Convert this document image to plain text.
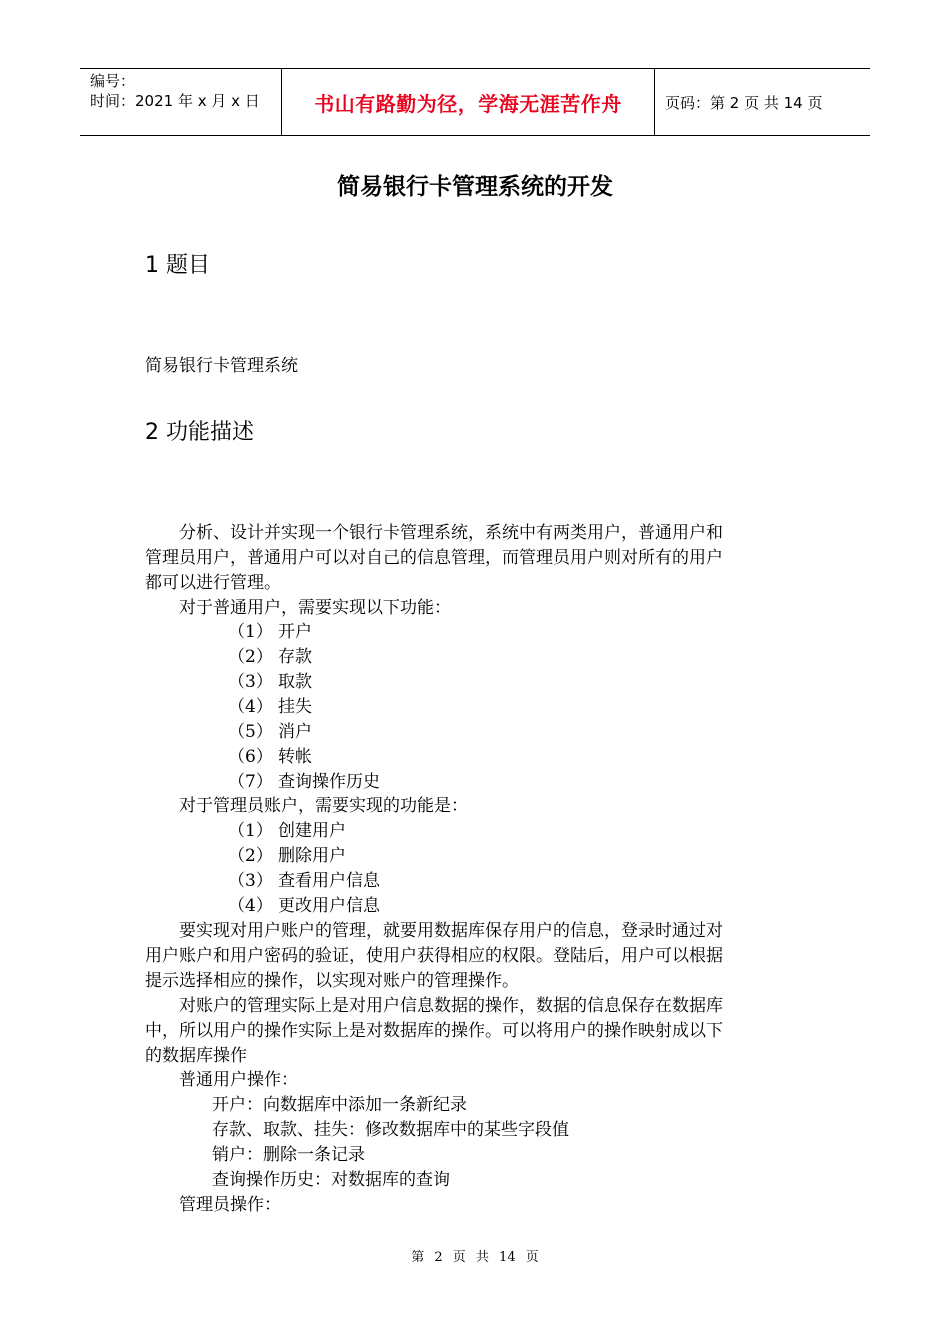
编号：
时间：2021 年 x 月 x 日	书山有路勤为径，学海无涯苦作舟	页码：第 2 页 共 14 页
简易银行卡管理系统的开发
1 题目
简易银行卡管理系统
2 功能描述
分析、设计并实现一个银行卡管理系统，系统中有两类用户，普通用户和
管理员用户，普通用户可以对自己的信息管理，而管理员用户则对所有的用户
都可以进行管理。
对于普通用户，需要实现以下功能：
（1） 开户
（2） 存款
（3） 取款
（4） 挂失
（5） 消户
（6） 转帐
（7） 查询操作历史
对于管理员账户，需要实现的功能是：
（1） 创建用户
（2） 删除用户
（3） 查看用户信息
（4） 更改用户信息
要实现对用户账户的管理，就要用数据库保存用户的信息，登录时通过对
用户账户和用户密码的验证，使用户获得相应的权限。登陆后，用户可以根据
提示选择相应的操作，以实现对账户的管理操作。
对账户的管理实际上是对用户信息数据的操作，数据的信息保存在数据库
中，所以用户的操作实际上是对数据库的操作。可以将用户的操作映射成以下
的数据库操作
普通用户操作：
开户：向数据库中添加一条新纪录
存款、取款、挂失：修改数据库中的某些字段值
销户：删除一条记录
查询操作历史：对数据库的查询
管理员操作：
第 2 页 共 14 页
